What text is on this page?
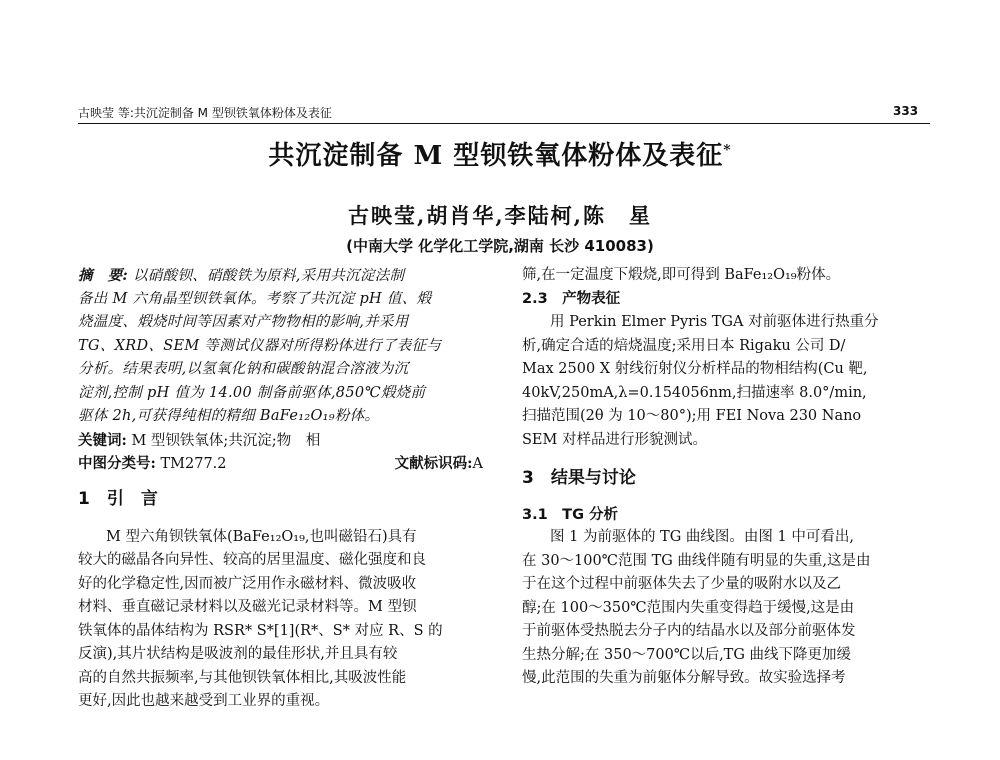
古映莹 等:共沉淀制备 M 型钡铁氧体粉体及表征	333
共沉淀制备 M 型钡铁氧体粉体及表征*
古映莹,胡肖华,李陆柯,陈　星
(中南大学 化学化工学院,湖南 长沙 410083)
摘　要: 以硝酸钡、硝酸铁为原料,采用共沉淀法制
备出 M 六角晶型钡铁氧体。考察了共沉淀 pH 值、煅
烧温度、煅烧时间等因素对产物物相的影响,并采用
TG、XRD、SEM 等测试仪器对所得粉体进行了表征与
分析。结果表明,以氢氧化钠和碳酸钠混合溶液为沉
淀剂,控制 pH 值为 14.00 制备前驱体,850℃煅烧前
驱体 2h,可获得纯相的精细 BaFe₁₂O₁₉粉体。
关键词: M 型钡铁氧体;共沉淀;物　相
中图分类号: TM277.2	文献标识码:A
1　引　言
M 型六角钡铁氧体(BaFe₁₂O₁₉,也叫磁铅石)具有
较大的磁晶各向异性、较高的居里温度、磁化强度和良
好的化学稳定性,因而被广泛用作永磁材料、微波吸收
材料、垂直磁记录材料以及磁光记录材料等。M 型钡
铁氧体的晶体结构为 RSR* S*[1](R*、S* 对应 R、S 的
反演),其片状结构是吸波剂的最佳形状,并且具有较
高的自然共振频率,与其他钡铁氧体相比,其吸波性能
更好,因此也越来越受到工业界的重视。
筛,在一定温度下煅烧,即可得到 BaFe₁₂O₁₉粉体。
2.3　产物表征
用 Perkin Elmer Pyris TGA 对前驱体进行热重分
析,确定合适的焙烧温度;采用日本 Rigaku 公司 D/
Max 2500 X 射线衍射仪分析样品的物相结构(Cu 靶,
40kV,250mA,λ=0.154056nm,扫描速率 8.0°/min,
扫描范围(2θ 为 10～80°);用 FEI Nova 230 Nano
SEM 对样品进行形貌测试。
3　结果与讨论
3.1　TG 分析
图 1 为前驱体的 TG 曲线图。由图 1 中可看出,
在 30～100℃范围 TG 曲线伴随有明显的失重,这是由
于在这个过程中前驱体失去了少量的吸附水以及乙
醇;在 100～350℃范围内失重变得趋于缓慢,这是由
于前驱体受热脱去分子内的结晶水以及部分前驱体发
生热分解;在 350～700℃以后,TG 曲线下降更加缓
慢,此范围的失重为前躯体分解导致。故实验选择考
